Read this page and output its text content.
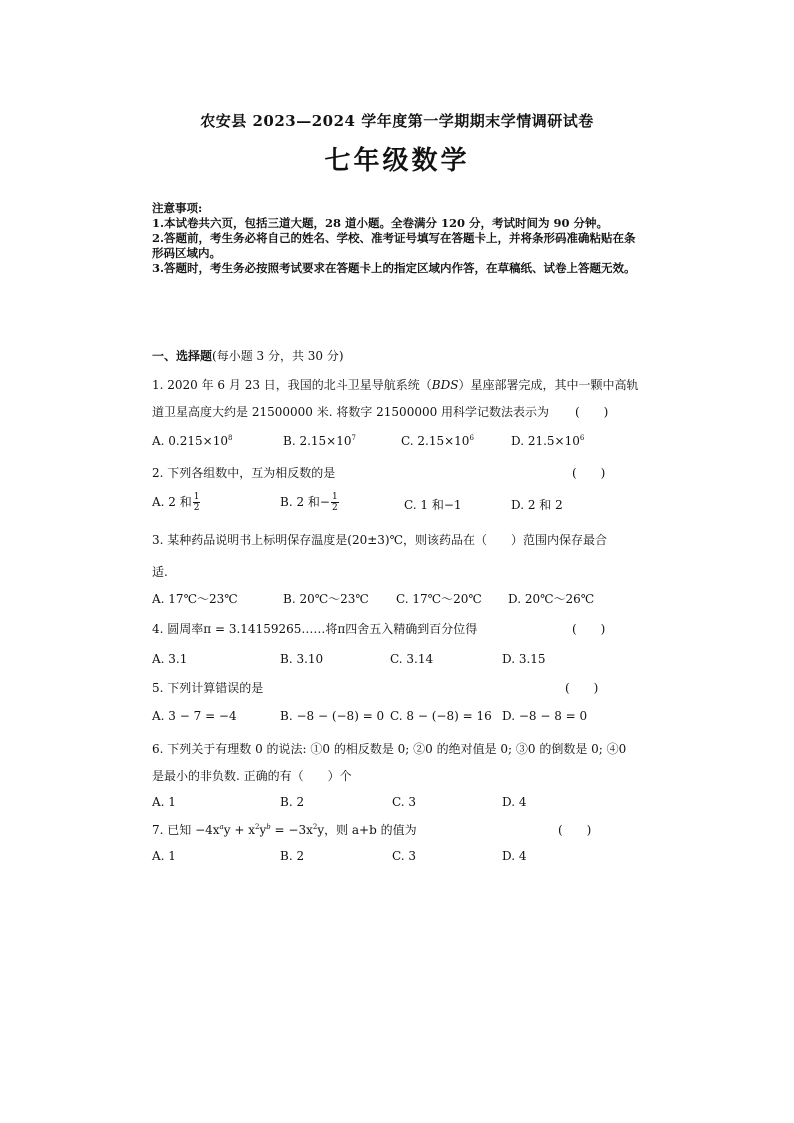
农安县 2023—2024 学年度第一学期期末学情调研试卷
七年级数学
注意事项:
1.本试卷共六页，包括三道大题，28 道小题。全卷满分 120 分，考试时间为 90 分钟。
2.答题前，考生务必将自己的姓名、学校、准考证号填写在答题卡上，并将条形码准确粘贴在条形码区域内。
3.答题时，考生务必按照考试要求在答题卡上的指定区域内作答，在草稿纸、试卷上答题无效。
一、选择题(每小题 3 分，共 30 分)
1. 2020 年 6 月 23 日，我国的北斗卫星导航系统（BDS）星座部署完成，其中一颗中高轨
道卫星高度大约是 21500000 米. 将数字 21500000 用科学记数法表示为 (　　)
A. $0.215\times 10^8$	B. $2.15\times 10^7$	C. $2.15\times 10^6$	D. $21.5\times 10^6$
2. 下列各组数中，互为相反数的是	(　　)
A. 2 和 $\frac{1}{2}$	B. 2 和− $\frac{1}{2}$	C. 1 和−1	D. 2 和 2
3. 某种药品说明书上标明保存温度是(20±3)℃，则该药品在（　　）范围内保存最合
适.
A. 17℃～23℃	B. 20℃～23℃ C. 17℃～20℃ D. 20℃～26℃
4. 圆周率π = 3.14159265……将π四舍五入精确到百分位得	(　　)
A. 3.1	B. 3.10	C. 3.14	D. 3.15
5. 下列计算错误的是	(　　)
A. 3 − 7 = −4	B. −8 − (−8) = 0 C. 8 − (−8) = 16 D. −8 − 8 = 0
6. 下列关于有理数 0 的说法: ①0 的相反数是 0; ②0 的绝对值是 0; ③0 的倒数是 0; ④0
是最小的非负数. 正确的有（　　）个
A. 1	B. 2	C. 3	D. 4
7. 已知 $-4x^ay + x^2y^b = -3x^2y$，则 a+b 的值为	(　　)
A. 1	B. 2	C. 3	D. 4
